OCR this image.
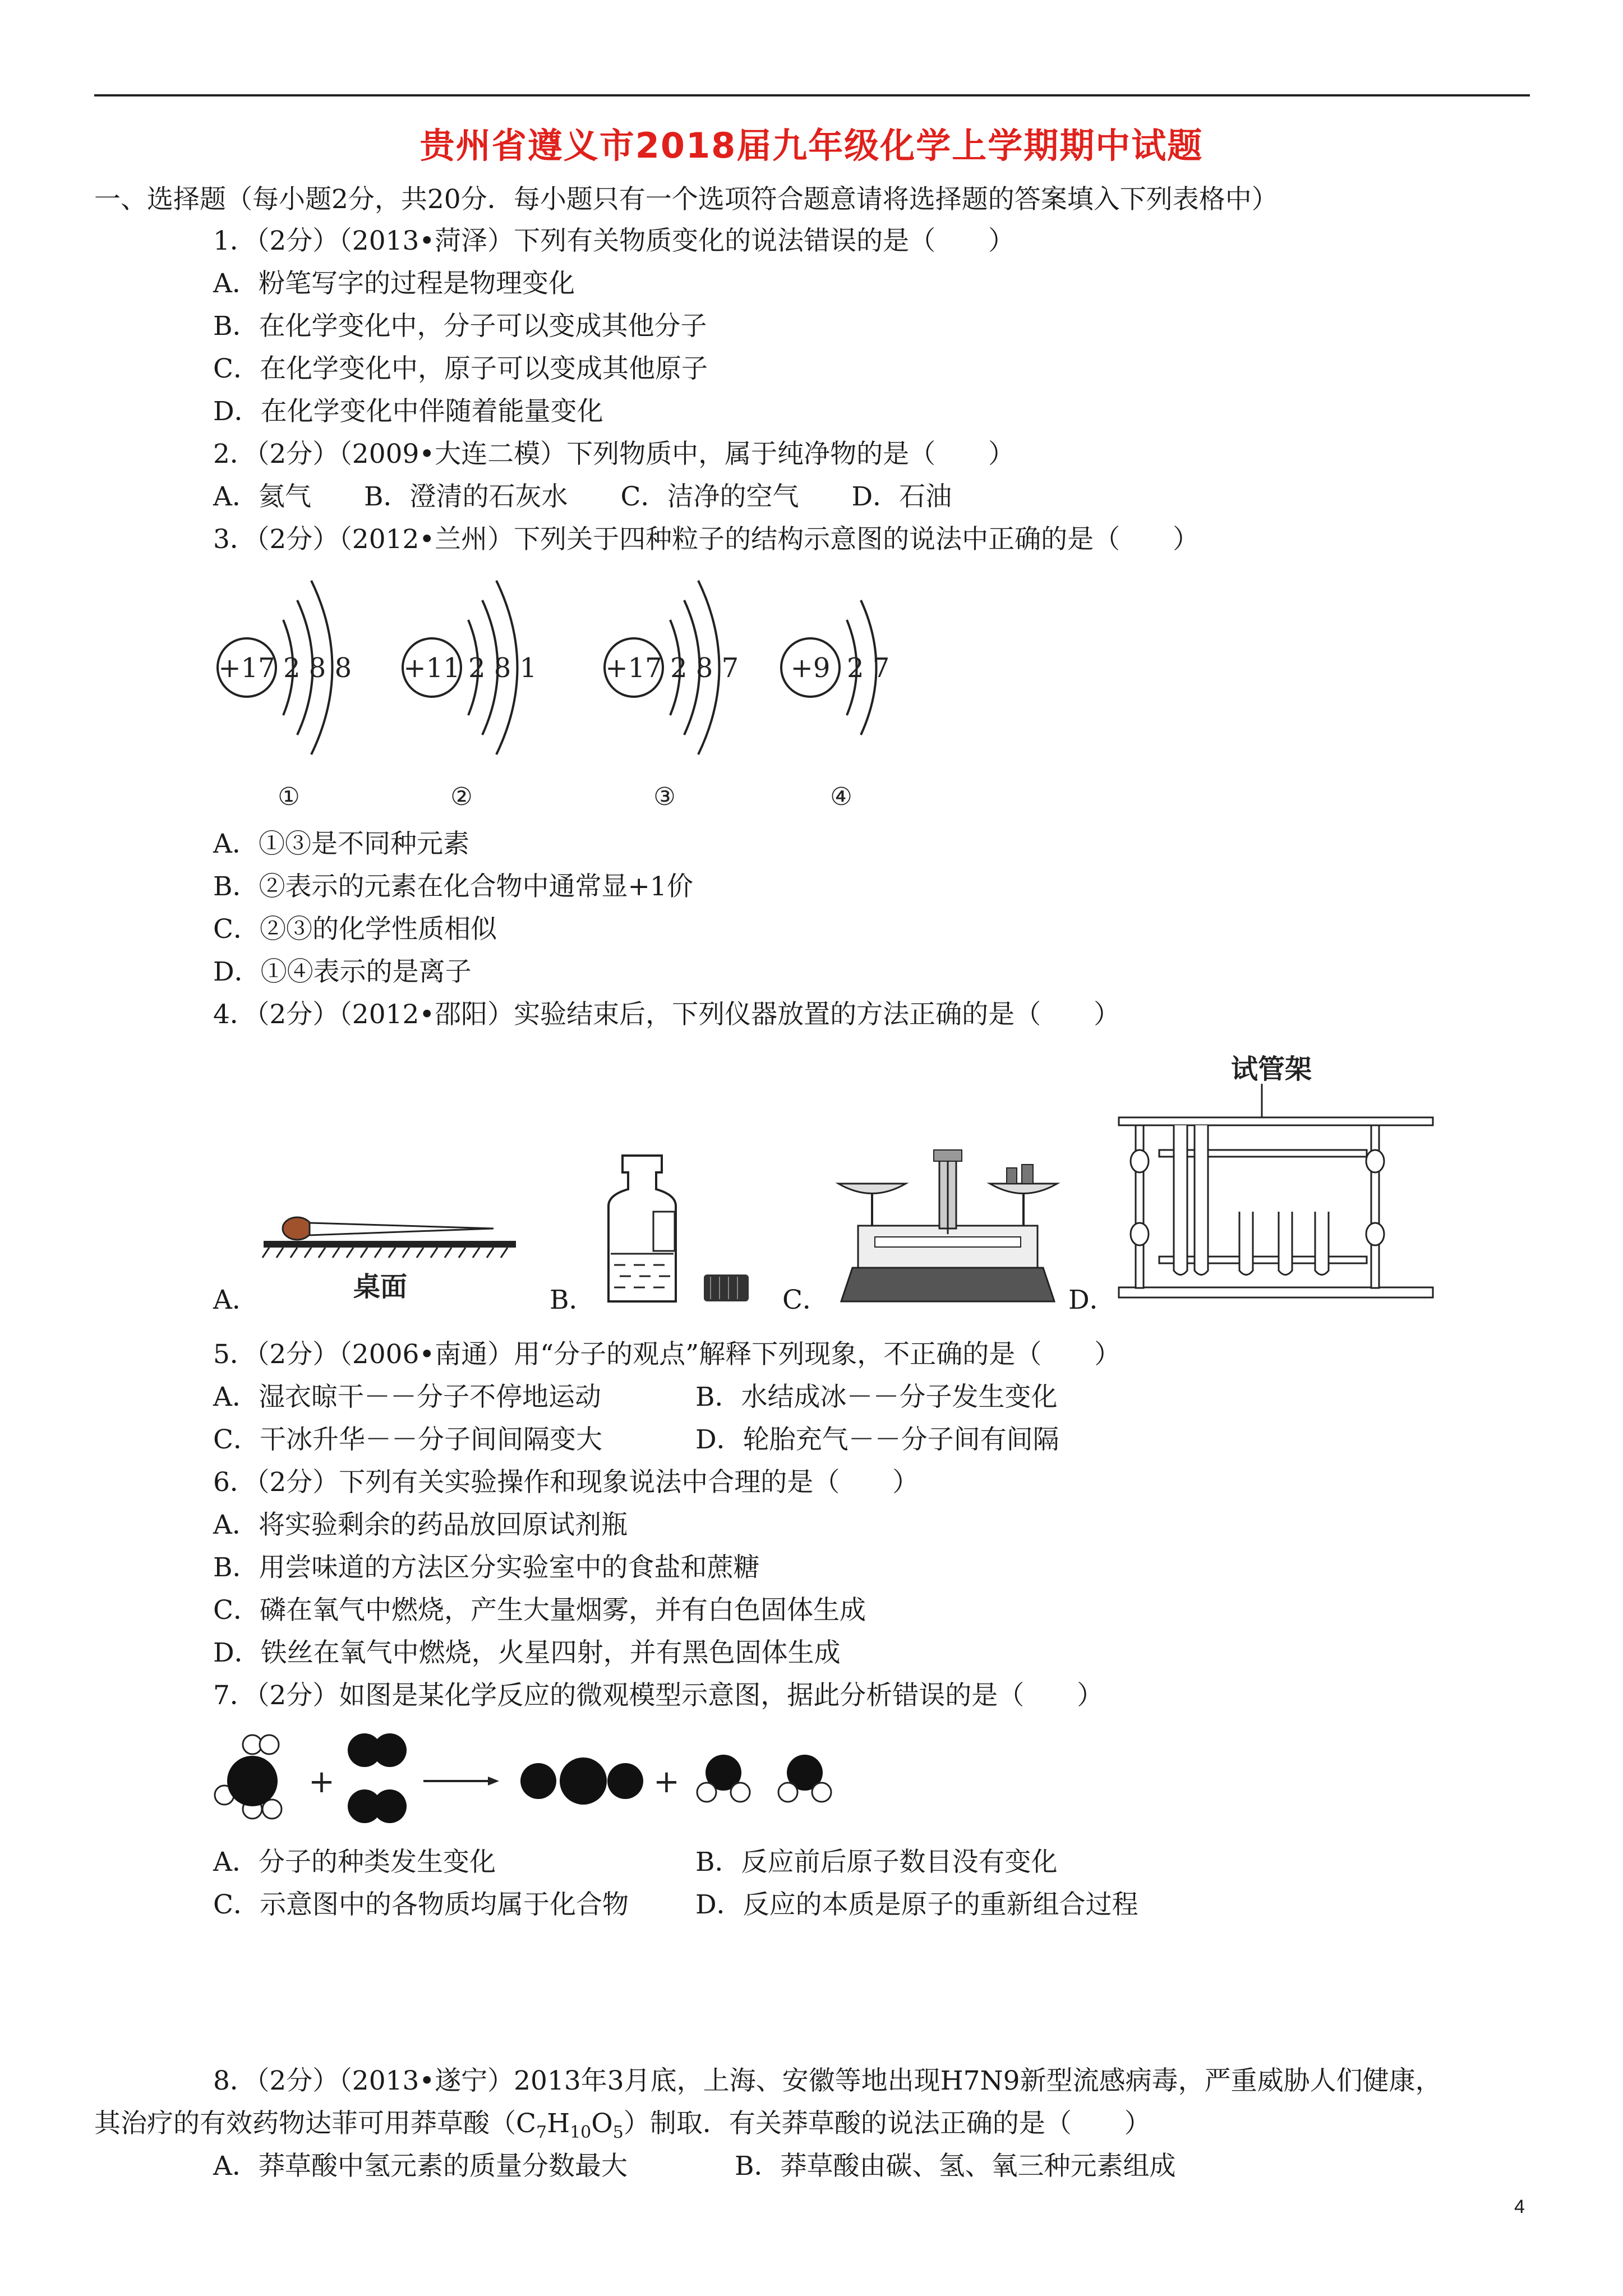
贵州省遵义市2018届九年级化学上学期期中试题
一、选择题（每小题2分，共20分．每小题只有一个选项符合题意请将选择题的答案填入下列表格中）
1．（2分）（2013•菏泽）下列有关物质变化的说法错误的是（　　）
A．粉笔写字的过程是物理变化
B．在化学变化中，分子可以变成其他分子
C．在化学变化中，原子可以变成其他原子
D．在化学变化中伴随着能量变化
2．（2分）（2009•大连二模）下列物质中，属于纯净物的是（　　）
A．氦气　　B．澄清的石灰水　　C．洁净的空气　　D．石油
3．（2分）（2012•兰州）下列关于四种粒子的结构示意图的说法中正确的是（　　）
+17 2 8 8 +11 2 8 1	+17 2 8 7 +9 2 7
①	②	③	④
A．①③是不同种元素
B．②表示的元素在化合物中通常显+1价
C．②③的化学性质相似
D．①④表示的是离子
4．（2分）（2012•邵阳）实验结束后，下列仪器放置的方法正确的是（　　）
A．	桌面	B．	C．	D．
试管架
5．（2分）（2006•南通）用“分子的观点”解释下列现象，不正确的是（　　）
A．湿衣晾干－－分子不停地运动	B．水结成冰－－分子发生变化
C．干冰升华－－分子间间隔变大	D．轮胎充气－－分子间有间隔
6．（2分）下列有关实验操作和现象说法中合理的是（　　）
A．将实验剩余的药品放回原试剂瓶
B．用尝味道的方法区分实验室中的食盐和蔗糖
C．磷在氧气中燃烧，产生大量烟雾，并有白色固体生成
D．铁丝在氧气中燃烧，火星四射，并有黑色固体生成
7．（2分）如图是某化学反应的微观模型示意图，据此分析错误的是（　　）
+	+
A．分子的种类发生变化	B．反应前后原子数目没有变化
C．示意图中的各物质均属于化合物	D．反应的本质是原子的重新组合过程
8．（2分）（2013•遂宁）2013年3月底，上海、安徽等地出现H7N9新型流感病毒，严重威胁人们健康，
其治疗的有效药物达菲可用莽草酸$(C_7H_{10}O_5)$制取．有关莽草酸的说法正确的是（　　）
A．莽草酸中氢元素的质量分数最大	B．莽草酸由碳、氢、氧三种元素组成
4
